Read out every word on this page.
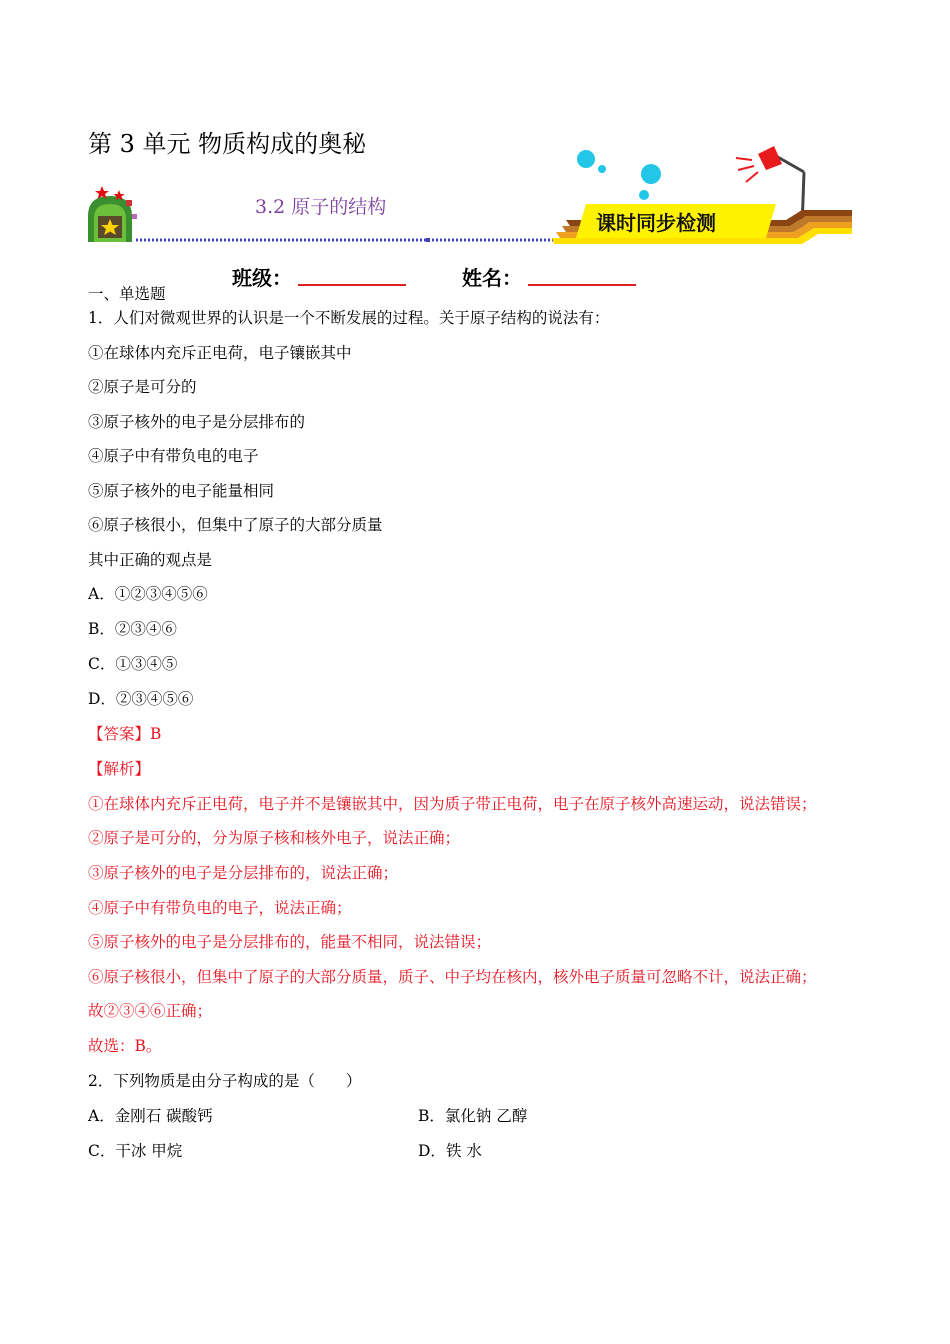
第 3 单元 物质构成的奥秘
课时同步检测
3.2 原子的结构
班级：	姓名：
一、单选题
1．人们对微观世界的认识是一个不断发展的过程。关于原子结构的说法有：
①在球体内充斥正电荷，电子镶嵌其中
②原子是可分的
③原子核外的电子是分层排布的
④原子中有带负电的电子
⑤原子核外的电子能量相同
⑥原子核很小，但集中了原子的大部分质量
其中正确的观点是
A．①②③④⑤⑥
B．②③④⑥
C．①③④⑤
D．②③④⑤⑥
【答案】B
【解析】
①在球体内充斥正电荷，电子并不是镶嵌其中，因为质子带正电荷，电子在原子核外高速运动，说法错误；
②原子是可分的，分为原子核和核外电子，说法正确；
③原子核外的电子是分层排布的，说法正确；
④原子中有带负电的电子，说法正确；
⑤原子核外的电子是分层排布的，能量不相同，说法错误；
⑥原子核很小，但集中了原子的大部分质量，质子、中子均在核内，核外电子质量可忽略不计，说法正确；
故②③④⑥正确；
故选：B。
2．下列物质是由分子构成的是（　　）
A．金刚石 碳酸钙	B．氯化钠 乙醇
C．干冰 甲烷	D．铁 水
